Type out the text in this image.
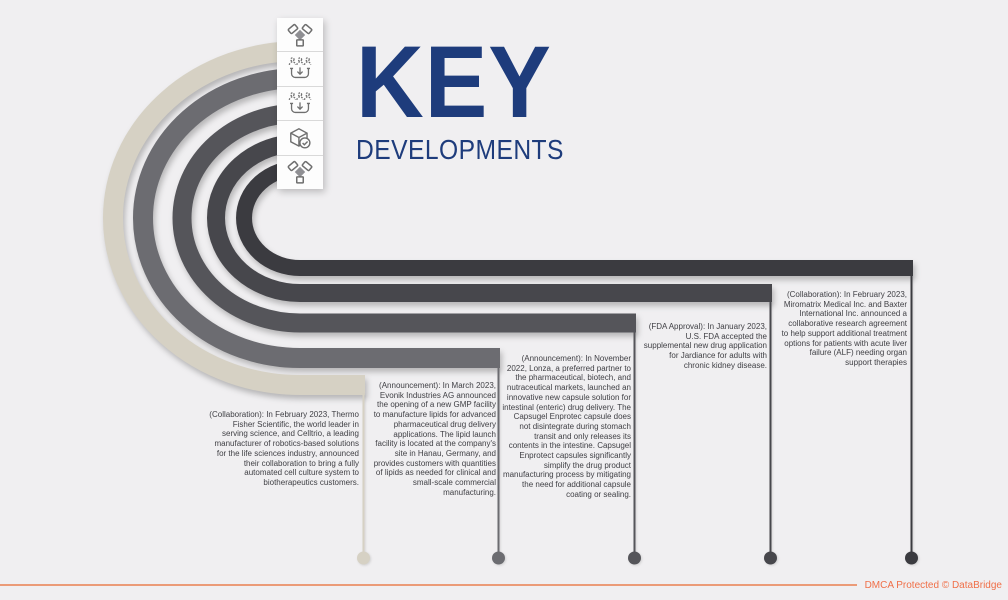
KEY
DEVELOPMENTS
(Collaboration): In February 2023, Thermo Fisher Scientific, the world leader in serving science, and Celltrio, a leading manufacturer of robotics-based solutions for the life sciences industry, announced their collaboration to bring a fully automated cell culture system to biotherapeutics customers.
(Announcement): In March 2023, Evonik Industries AG announced the opening of a new GMP facility to manufacture lipids for advanced pharmaceutical drug delivery applications. The lipid launch facility is located at the company's site in Hanau, Germany, and provides customers with quantities of lipids as needed for clinical and small-scale commercial manufacturing.
(Announcement): In November 2022, Lonza, a preferred partner to the pharmaceutical, biotech, and nutraceutical markets, launched an innovative new capsule solution for intestinal (enteric) drug delivery. The Capsugel Enprotec capsule does not disintegrate during stomach transit and only releases its contents in the intestine. Capsugel Enprotect capsules significantly simplify the drug product manufacturing process by mitigating the need for additional capsule coating or sealing.
(FDA Approval): In January 2023, U.S. FDA accepted the supplemental new drug application for Jardiance for adults with chronic kidney disease.
(Collaboration): In February 2023, Miromatrix Medical Inc. and Baxter International Inc. announced a collaborative research agreement to help support additional treatment options for patients with acute liver failure (ALF) needing organ support therapies
DMCA Protected © DataBridge
